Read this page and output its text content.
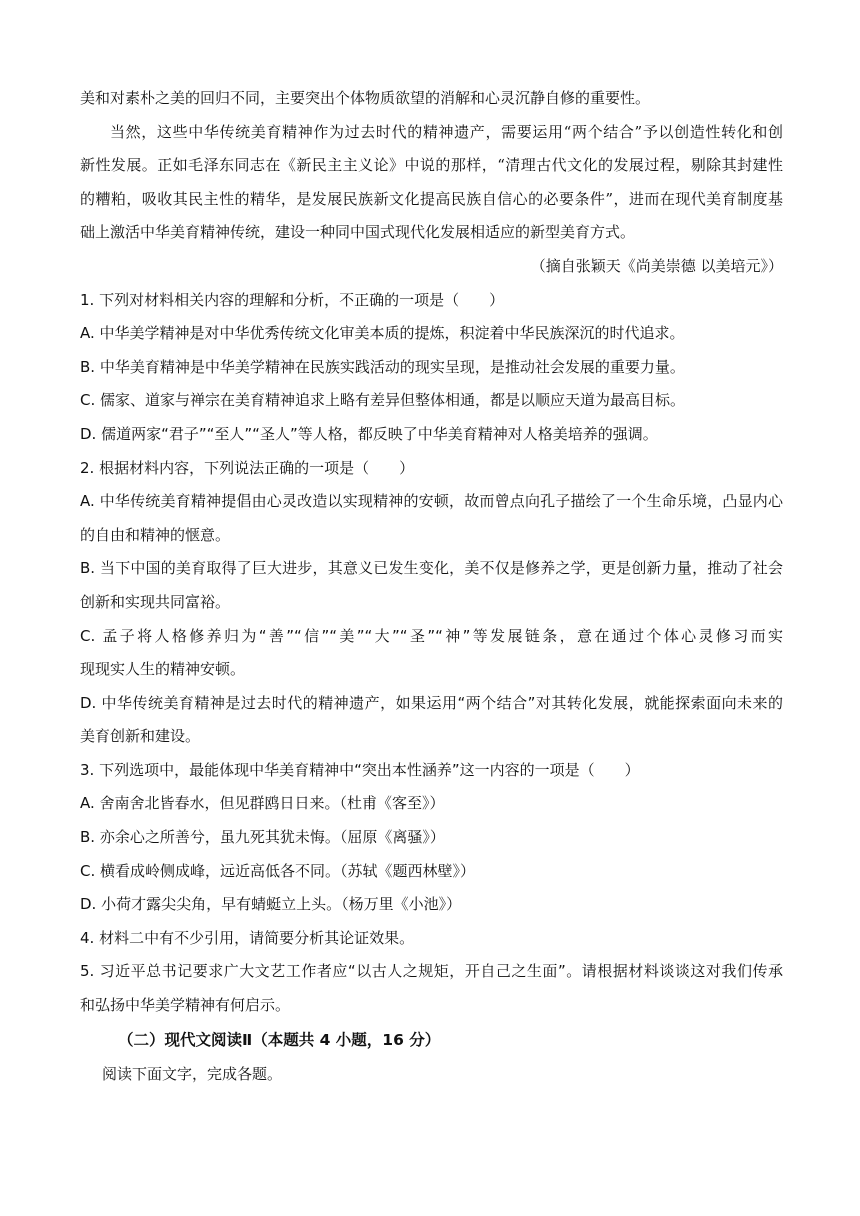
美和对素朴之美的回归不同，主要突出个体物质欲望的消解和心灵沉静自修的重要性。

当然，这些中华传统美育精神作为过去时代的精神遗产，需要运用“两个结合”予以创造性转化和创

新性发展。正如毛泽东同志在《新民主主义论》中说的那样，“清理古代文化的发展过程，剔除其封建性

的糟粕，吸收其民主性的精华，是发展民族新文化提高民族自信心的必要条件”，进而在现代美育制度基

础上激活中华美育精神传统，建设一种同中国式现代化发展相适应的新型美育方式。

（摘自张颖天《尚美崇德 以美培元》）

1. 下列对材料相关内容的理解和分析，不正确的一项是（　　）

A. 中华美学精神是对中华优秀传统文化审美本质的提炼，积淀着中华民族深沉的时代追求。

B. 中华美育精神是中华美学精神在民族实践活动的现实呈现，是推动社会发展的重要力量。

C. 儒家、道家与禅宗在美育精神追求上略有差异但整体相通，都是以顺应天道为最高目标。

D. 儒道两家“君子”“至人”“圣人”等人格，都反映了中华美育精神对人格美培养的强调。

2. 根据材料内容，下列说法正确的一项是（　　）

A. 中华传统美育精神提倡由心灵改造以实现精神的安顿，故而曾点向孔子描绘了一个生命乐境，凸显内心

的自由和精神的惬意。

B. 当下中国的美育取得了巨大进步，其意义已发生变化，美不仅是修养之学，更是创新力量，推动了社会

创新和实现共同富裕。

C. 孟子将人格修养归为“善”“信”“美”“大”“圣”“神”等发展链条，意在通过个体心灵修习而实

现现实人生的精神安顿。

D. 中华传统美育精神是过去时代的精神遗产，如果运用“两个结合”对其转化发展，就能探索面向未来的

美育创新和建设。

3. 下列选项中，最能体现中华美育精神中“突出本性涵养”这一内容的一项是（　　）

A. 舍南舍北皆春水，但见群鸥日日来。（杜甫《客至》）

B. 亦余心之所善兮，虽九死其犹未悔。（屈原《离骚》）

C. 横看成岭侧成峰，远近高低各不同。（苏轼《题西林壁》）

D. 小荷才露尖尖角，早有蜻蜓立上头。（杨万里《小池》）

4. 材料二中有不少引用，请简要分析其论证效果。

5. 习近平总书记要求广大文艺工作者应“以古人之规矩，开自己之生面”。请根据材料谈谈这对我们传承

和弘扬中华美学精神有何启示。

（二）现代文阅读Ⅱ（本题共 4 小题，16 分）
阅读下面文字，完成各题。
